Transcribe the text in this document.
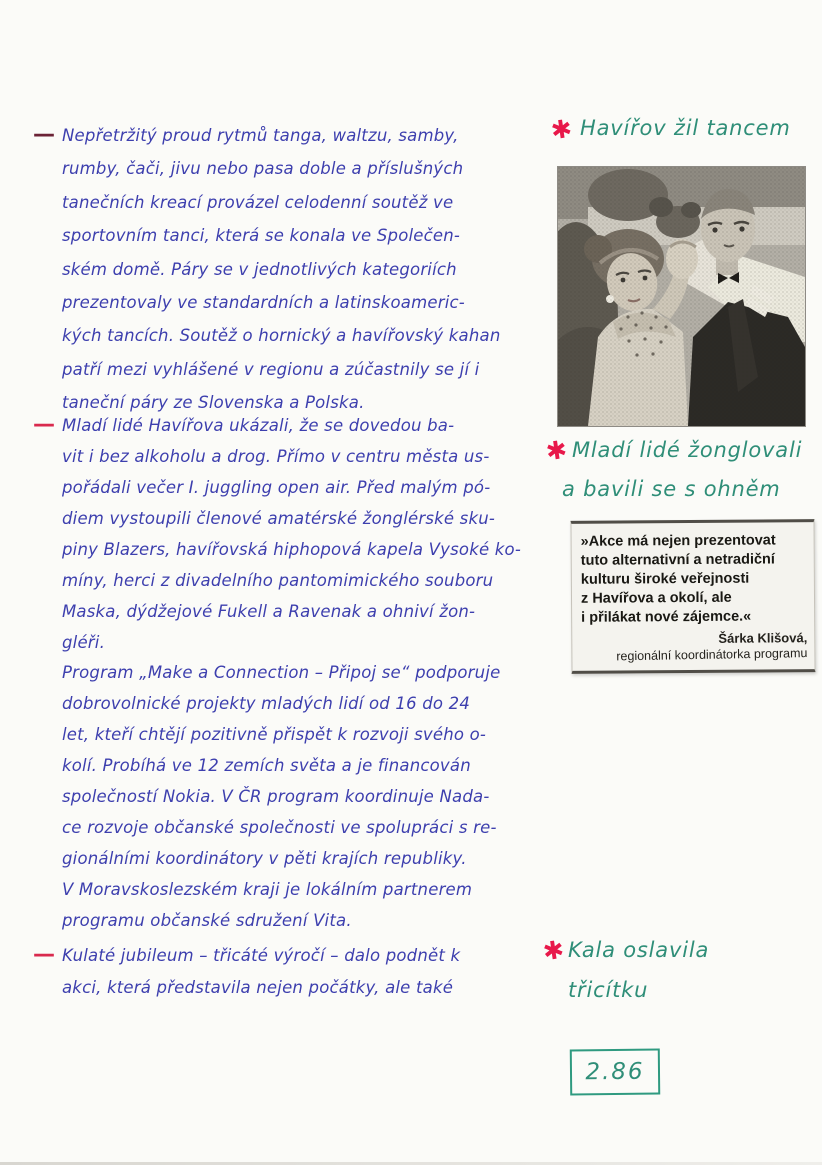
— Nepřetržitý proud rytmů tanga, waltzu, samby,
rumby, čači, jivu nebo pasa doble a příslušných
tanečních kreací provázel celodenní soutěž ve
sportovním tanci, která se konala ve Společen-
ském domě. Páry se v jednotlivých kategoriích
prezentovaly ve standardních a latinskoameric-
kých tancích. Soutěž o hornický a havířovský kahan
patří mezi vyhlášené v regionu a zúčastnily se jí i
taneční páry ze Slovenska a Polska.
— Mladí lidé Havířova ukázali, že se dovedou ba-
vit i bez alkoholu a drog. Přímo v centru města us-
pořádali večer I. juggling open air. Před malým pó-
diem vystoupili členové amatérské žonglérské sku-
piny Blazers, havířovská hiphopová kapela Vysoké ko-
míny, herci z divadelního pantomimického souboru
Maska, dýdžejové Fukell a Ravenak a ohniví žon-
gléři.
Program „Make a Connection – Připoj se“ podporuje
dobrovolnické projekty mladých lidí od 16 do 24
let, kteří chtějí pozitivně přispět k rozvoji svého o-
kolí. Probíhá ve 12 zemích světa a je financován
společností Nokia. V ČR program koordinuje Nada-
ce rozvoje občanské společnosti ve spolupráci s re-
gionálními koordinátory v pěti krajích republiky.
V Moravskoslezském kraji je lokálním partnerem
programu občanské sdružení Vita.
— Kulaté jubileum – třicáté výročí – dalo podnět k
akci, která představila nejen počátky, ale také
✱ Havířov žil tancem
✱ Mladí lidé žonglovali
a bavili se s ohněm
»Akce má nejen prezentovat
tuto alternativní a netradiční
kulturu široké veřejnosti
z Havířova a okolí, ale
i přilákat nové zájemce.«
Šárka Klišová,
regionální koordinátorka programu
✱ Kala oslavila
třicítku
2.86
